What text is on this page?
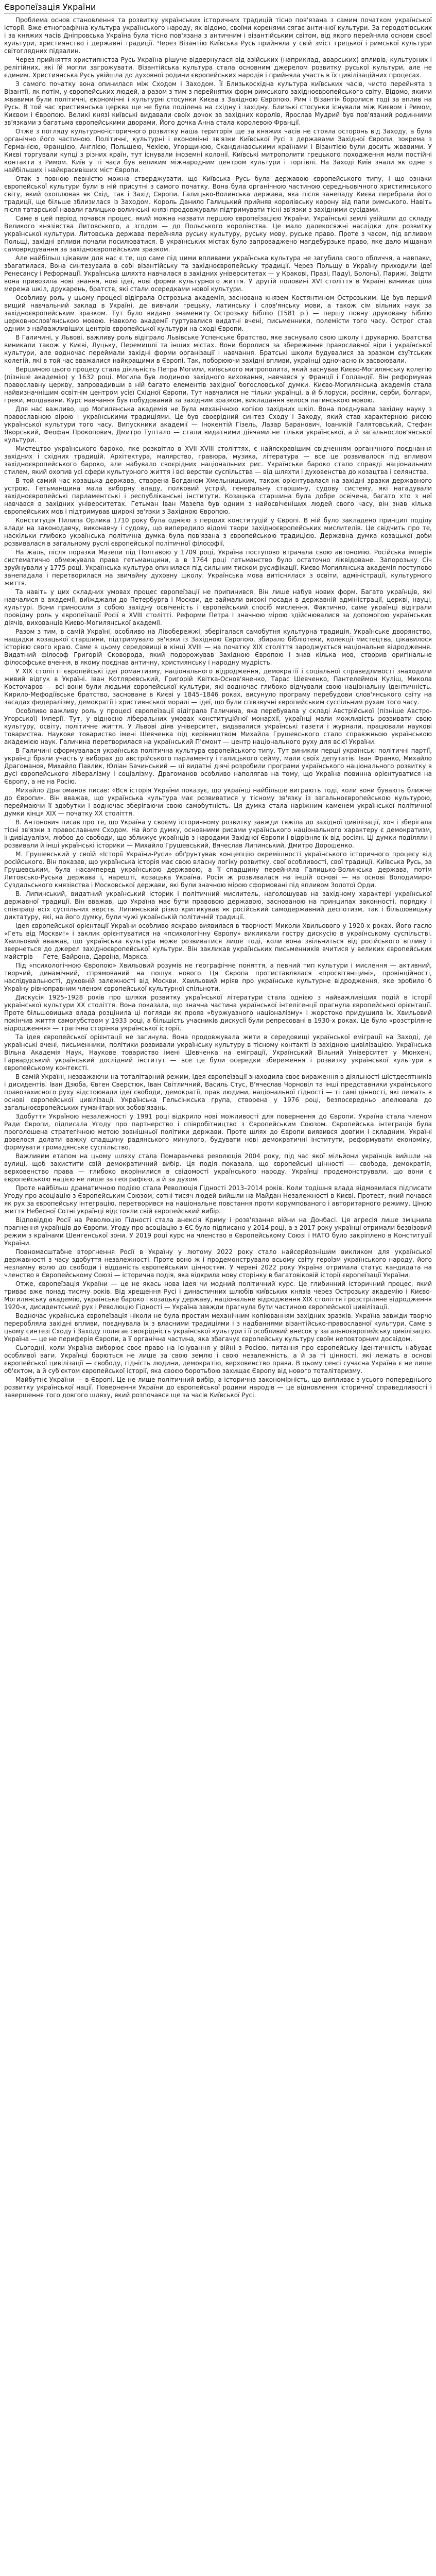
Європеїзація України

Проблема основ становлення та розвитку українських історичних традицій тісно пов'язана з самим початком української історії. Вже етнографічна культура українського народу, як відомо, своїми коренями сягає античної культури. За геродотівських і за княжих часів Дніпровська Україна була тісно пов'язана з античним і візантійським світом, від якого перейняла основи своєї культури, християнство і державні традиції. Через Візантію Київська Русь прийняла у свій зміст грецької і римської культури світоглядних підвалин.

Через прийняття християнства Русь-Україна рішуче відвернулася від азійських (наприклад, аварських) впливів, культурних і релігійних, які їй могли загрожувати. Візантійська культура стала основним джерелом розвитку руської культури, але не єдиним. Християнська Русь увійшла до духовної родини європейських народів і прийняла участь в їх цивілізаційних процесах.

З самого початку вона опинилася між Сходом і Заходом. Її Близькосхідна культура київських часів, чисто перейнята з Візантії, як потім, у європейських людей, а разом з тим з перейнятих форм римського західноєвропейського світу. Відомо, якими жвавими були політичні, економічні і культурні стосунки Києва з Західною Європою. Рим і Візантія боролися тоді за вплив на Русь. В той час християнська церква ще не була поділена на східну і західну. Близькі стосунки існували між Києвом і Римом, Києвом і Європою. Великі князі київські видавали своїх дочок за західних королів, Ярослав Мудрий був пов'язаний родинними зв'язками з багатьма європейськими дворами. Його дочка Анна стала королевою Франції.

Отже з погляду культурно-історичного розвитку наша територія ще за княжих часів не стояла осторонь від Заходу, а була органічно його частиною. Політичні, культурні і економічні зв'язки Київської Русі з державами Західної Європи, зокрема з Германією, Францією, Англією, Польщею, Чехією, Угорщиною, Скандинавськими країнами і Візантією були досить жвавими. У Києві торгували купці з різних країн, тут існували іноземні колонії. Київські митрополити грецького походження мали постійні контакти з Римом. Київ у ті часи був великим міжнародним центром культури і торгівлі. На Заході Київ знали як одне з найбільших і найкрасивіших міст Європи.

Отак з повною певністю можна стверджувати, що Київська Русь була державою європейського типу, і що ознаки європейської культури були в ній присутні з самого початку. Вона була органічною частиною середньовічного християнського світу, який охоплював як Схід, так і Захід Європи. Галицько-Волинська держава, яка після занепаду Києва перебрала його традиції, ще більше зблизилася із Заходом. Король Данило Галицький прийняв королівську корону від папи римського. Навіть після татарської навали галицько-волинські князі продовжували підтримувати тісні зв'язки з західними сусідами.

Саме в цей період почався процес, який можна назвати першою європеїзацією України. Українські землі увійшли до складу Великого князівства Литовського, а згодом — до Польського королівства. Це мало далекосяжні наслідки для розвитку української культури. Литовська держава перейняла руську культуру, руську мову, руське право. Проте з часом, під впливом Польщі, західні впливи почали посилюватися. В українських містах було запроваджено магдебурзьке право, яке дало міщанам самоврядування за західноєвропейським зразком.

Але найбільш цікавим для нас є те, що саме під цими впливами українська культура не загубила свого обличчя, а навпаки, збагатилася. Вона синтезувала в собі візантійську та західноєвропейську традиції. Через Польщу в Україну приходили ідеї Ренесансу і Реформації. Українська шляхта навчалася в західних університетах — у Кракові, Празі, Падуї, Болоньї, Парижі. Звідти вона привозила нові знання, нові ідеї, нові форми культурного життя. У другій половині XVI століття в Україні виникає ціла мережа шкіл, друкарень, братств, які стали осередками нової культури.

Особливу роль у цьому процесі відіграла Острозька академія, заснована князем Костянтином Острозьким. Це був перший вищий навчальний заклад в Україні, де вивчали грецьку, латинську і слов'янську мови, а також сім вільних наук за західноєвропейським зразком. Тут було видано знамениту Острозьку Біблію (1581 р.) — першу повну друковану Біблію церковнослов'янською мовою. Навколо академії гуртувалися видатні вчені, письменники, полемісти того часу. Острог став одним з найважливіших центрів європейської культури на сході Європи.

В Галичині, у Львові, важливу роль відіграло Львівське Успенське братство, яке заснувало свою школу і друкарню. Братства виникали також у Києві, Луцьку, Перемишлі та інших містах. Вони боролися за збереження православної віри і української культури, але водночас переймали західні форми організації і навчання. Братські школи будувалися за зразком єзуїтських колегій, які в той час вважалися найкращими в Європі. Так, поборюючи західні впливи, українці одночасно їх засвоювали.

Вершиною цього процесу стала діяльність Петра Могили, київського митрополита, який заснував Києво-Могилянську колегію (пізніше академію) у 1632 році. Могила був людиною західного виховання, навчався у Франції і Голландії. Він реформував православну церкву, запровадивши в ній багато елементів західної богословської думки. Києво-Могилянська академія стала найвизначнішим освітнім центром усієї Східної Європи. Тут навчалися не тільки українці, а й білоруси, росіяни, серби, болгари, греки, молдавани. Курс навчання був побудований за західним зразком, викладання велося латинською мовою.

Для нас важливо, що Могилянська академія не була механічною копією західних шкіл. Вона поєднувала західну науку з православною вірою і українськими традиціями. Це був своєрідний синтез Сходу і Заходу, який став характерною рисою української культури того часу. Випускники академії — Інокентій Гізель, Лазар Баранович, Іоаникій Галятовський, Стефан Яворський, Феофан Прокопович, Дмитро Туптало — стали видатними діячами не тільки української, а й загальнослов'янської культури.

Мистецтво українського бароко, яке розквітло в XVII–XVIII століттях, є найяскравішим свідченням органічного поєднання західних і східних традицій. Архітектура, малярство, гравюра, музика, література — все це розвивалося під впливом західноєвропейського бароко, але набувало своєрідних національних рис. Українське бароко стало справді національним стилем, який охопив усі сфери культурного життя і всі верстви суспільства — від шляхти і духовенства до козацтва і селянства.

В той самий час козацька держава, створена Богданом Хмельницьким, також орієнтувалася на західні зразки державного устрою. Гетьманщина мала виборну владу, полковий устрій, генеральну старшину, судову систему, які нагадували західноєвропейські парламентські і республіканські інститути. Козацька старшина була добре освічена, багато хто з неї навчався в західних університетах. Гетьман Іван Мазепа був одним з найосвіченіших людей свого часу, він знав кілька європейських мов і підтримував широкі зв'язки з Західною Європою.

Конституція Пилипа Орлика 1710 року була однією з перших конституцій у Європі. В ній було закладено принцип поділу влади на законодавчу, виконавчу і судову, що випередило відомі твори західноєвропейських мислителів. Це свідчить про те, наскільки глибоко українська політична думка була пов'язана з європейською традицією. Державна думка козацької доби розвивалася в загальному руслі європейської політичної філософії.

На жаль, після поразки Мазепи під Полтавою у 1709 році, Україна поступово втрачала свою автономію. Російська імперія систематично обмежувала права гетьманщини, а в 1764 році гетьманство було остаточно ліквідоване. Запорозьку Січ зруйнували у 1775 році. Українська культура опинилася під сильним тиском русифікації. Києво-Могилянська академія поступово занепадала і перетворилася на звичайну духовну школу. Українська мова витіснялася з освіти, адміністрації, культурного життя.

Та навіть у цих складних умовах процес європеїзації не припинився. Він лише набув нових форм. Багато українців, які навчалися в академії, виїжджали до Петербурга і Москви, де займали високі посади в державній адміністрації, церкві, науці, культурі. Вони приносили з собою західну освіченість і європейський спосіб мислення. Фактично, саме українці відіграли провідну роль у європеїзації Росії в XVIII столітті. Реформи Петра I значною мірою здійснювалися за допомогою українських діячів, вихованців Києво-Могилянської академії.

Разом з тим, в самій Україні, особливо на Лівобережжі, зберігалася самобутня культурна традиція. Українське дворянство, нащадки козацької старшини, підтримувало зв'язки із Західною Європою, збирало бібліотеки, колекції мистецтва, цікавилося історією свого краю. Саме в цьому середовищі в кінці XVIII — на початку XIX століття зароджується національне відродження. Видатний філософ Григорій Сковорода, який подорожував Західною Європою і знав кілька мов, створив оригінальне філософське вчення, в якому поєднав античну, християнську і народну мудрість.

У XIX столітті європейські ідеї романтизму, національного відродження, демократії і соціальної справедливості знаходили живий відгук в Україні. Іван Котляревський, Григорій Квітка-Основ'яненко, Тарас Шевченко, Пантелеймон Куліш, Микола Костомаров — всі вони були людьми європейської культури, які водночас глибоко відчували свою національну ідентичність. Кирило-Мефодіївське братство, засноване в Києві у 1845–1846 роках, висунуло програму перебудови слов'янського світу на засадах федералізму, демократії і християнської моралі — ідеї, що були співзвучні європейським суспільним рухам того часу.

Особливо важливу роль у процесі європеїзації відіграла Галичина, яка перебувала у складі Австрійської (пізніше Австро-Угорської) імперії. Тут, у відносно ліберальних умовах конституційної монархії, українці мали можливість розвивати свою культуру, освіту, політичне життя. У Львові діяв університет, видавалися українські газети і журнали, працювали наукові товариства. Наукове товариство імені Шевченка під керівництвом Михайла Грушевського стало справжньою українською академією наук. Галичина перетворилася на український П'ємонт — центр національного руху для всієї України.

В Галичині сформувалася українська політична культура європейського типу. Тут виникли перші українські політичні партії, українці брали участь у виборах до австрійського парламенту і галицького сейму, мали своїх депутатів. Іван Франко, Михайло Драгоманов, Михайло Павлик, Юліан Бачинський — ці видатні діячі розробили програми українського національного розвитку в дусі європейського лібералізму і соціалізму. Драгоманов особливо наполягав на тому, що Україна повинна орієнтуватися на Європу, а не на Росію.

Михайло Драгоманов писав: «Вся історія України показує, що українці найбільше виграють тоді, коли вони бувають ближче до Європи». Він вважав, що українська культура має розвиватися у тісному зв'язку із загальноєвропейською культурою, переймаючи її здобутки і водночас зберігаючи свою самобутність. Ця думка стала наріжним каменем української політичної думки кінця XIX — початку XX століття.

В. Антонович писав про те, що Україна у своєму історичному розвитку завжди тяжіла до західної цивілізації, хоч і зберігала тісні зв'язки з православним Сходом. На його думку, основними рисами українського національного характеру є демократизм, індивідуалізм, любов до свободи, що зближує українців з народами Західної Європи і відрізняє їх від росіян. Ці думки поділяли і розвивали й інші українські історики — Михайло Грушевський, Вячеслав Липинський, Дмитро Дорошенко.

М. Грушевський у своїй «Історії України-Руси» обґрунтував концепцію окремішності українського історичного процесу від російського. Він показав, що українська історія має свою власну логіку розвитку, свої особливості, свої традиції. Київська Русь, за Грушевським, була насамперед українською державою, а її спадщину перейняла Галицько-Волинська держава, потім Литовсько-Руська держава і, нарешті, козацька Україна. Росія ж розвивалася на іншій основі — на основі Володимиро-Суздальського князівства і Московської держави, які були значною мірою сформовані під впливом Золотої Орди.

В. Липинський, видатний український історик і політичний мислитель, наголошував на західному характері української державної традиції. Він вважав, що Україна має бути правовою державою, заснованою на принципах законності, порядку і співпраці всіх суспільних верств. Липинський різко критикував як російський самодержавний деспотизм, так і більшовицьку диктатуру, які, на його думку, були чужі українській політичній традиції.

Ідея європейської орієнтації України особливо яскраво виявилася в творчості Миколи Хвильового у 1920-х роках. Його гасло «Геть від Москви!» і заклик орієнтуватися на «психологічну Європу» викликали гостру дискусію в українському суспільстві. Хвильовий вважав, що українська культура може розвиватися лише тоді, коли вона звільниться від російського впливу і звернеться до джерел західноєвропейської культури. Він закликав українських письменників вчитися у великих європейських майстрів — Гете, Байрона, Дарвіна, Маркса.

Під «психологічною Європою» Хвильовий розумів не географічне поняття, а певний тип культури і мислення — активний, творчий, динамічний, спрямований на пошук нового. Ця Європа протиставлялася «просвітянщині», провінційності, наслідувальності, духовній залежності від Москви. Хвильовий мріяв про українське культурне відродження, яке зробило б Україну рівноправним членом європейської культурної спільноти.

Дискусія 1925–1928 років про шляхи розвитку української літератури стала однією з найважливіших подій в історії української культури XX століття. Вона показала, що значна частина української інтелігенції прагнула європейської орієнтації. Проте більшовицька влада розцінила ці погляди як прояв «буржуазного націоналізму» і жорстоко придушила їх. Хвильовий покінчив життя самогубством у 1933 році, а більшість учасників дискусії були репресовані в 1930-х роках. Це було «розстріляне відродження» — трагічна сторінка української історії.

Та ідея європейської орієнтації не загинула. Вона продовжувала жити в середовищі української еміграції на Заході, де українські вчені, письменники, політики розвивали українську культуру в тісному контакті із західною цивілізацією. Українська Вільна Академія Наук, Наукове товариство імені Шевченка на еміграції, Український Вільний Університет у Мюнхені, Гарвардський український дослідний інститут — все це були осередки збереження і розвитку української культури в європейському контексті.

В самій Україні, незважаючи на тоталітарний режим, ідея європеїзації знаходила своє вираження в діяльності шістдесятників і дисидентів. Іван Дзюба, Євген Сверстюк, Іван Світличний, Василь Стус, В'ячеслав Чорновіл та інші представники українського правозахисного руху відстоювали ідеї свободи, демократії, прав людини, національної гідності — ті самі цінності, які лежать в основі європейської цивілізації. Українська Гельсінкська група, створена у 1976 році, безпосередньо апелювала до загальноєвропейських гуманітарних зобов'язань.

Здобуття Україною незалежності у 1991 році відкрило нові можливості для повернення до Європи. Україна стала членом Ради Європи, підписала Угоду про партнерство і співробітництво з Європейським Союзом. Європейська інтеграція була проголошена стратегічною метою зовнішньої політики держави. Проте шлях до Європи виявився довгим і складним. Україні довелося долати важку спадщину радянського минулого, будувати нові демократичні інститути, реформувати економіку, формувати громадянське суспільство.

Важливим етапом на цьому шляху стала Помаранчева революція 2004 року, під час якої мільйони українців вийшли на вулиці, щоб захистити свій демократичний вибір. Ця подія показала, що європейські цінності — свобода, демократія, верховенство права — глибоко вкорінилися в свідомості українського народу. Українці продемонстрували, що вони є європейською нацією не лише за географією, а й за духом.

Проте найбільш драматичною подією стала Революція Гідності 2013–2014 років. Коли тодішня влада відмовилася підписати Угоду про асоціацію з Європейським Союзом, сотні тисяч людей вийшли на Майдан Незалежності в Києві. Протест, який почався як рух за європейську інтеграцію, перетворився на національне повстання проти корумпованого і авторитарного режиму. Ціною життя Небесної Сотні українці відстояли свій європейський вибір.

Відповіддю Росії на Революцію Гідності стала анексія Криму і розв'язання війни на Донбасі. Ця агресія лише зміцнила прагнення українців до Європи. Угоду про асоціацію з ЄС було підписано у 2014 році, а з 2017 року українці отримали безвізовий режим з країнами Шенгенської зони. У 2019 році курс на членство в Європейському Союзі і НАТО було закріплено в Конституції України.

Повномасштабне вторгнення Росії в Україну у лютому 2022 року стало найсерйознішим викликом для української державності з часу здобуття незалежності. Проте воно ж і продемонструвало всьому світу героїзм українського народу, його незламну волю до свободи і відданість європейським цінностям. У червні 2022 року Україна отримала статус кандидата на членство в Європейському Союзі — історична подія, яка відкрила нову сторінку в багатовіковій історії європеїзації України.

Отже, європеїзація України — це не якась нова ідея чи модний політичний курс. Це глибинний історичний процес, який триває вже понад тисячу років. Від хрещення Русі і династичних шлюбів київських князів через Острозьку академію і Києво-Могилянську академію, українське бароко і козацьку державу, національне відродження XIX століття і розстріляне відродження 1920-х, дисидентський рух і Революцію Гідності — Україна завжди прагнула бути частиною європейської цивілізації.

Водночас українська європеїзація ніколи не була простим механічним копіюванням західних зразків. Україна завжди творчо переробляла західні впливи, поєднувала їх з власними традиціями і з надбаннями візантійсько-православної культури. Саме в цьому синтезі Сходу і Заходу полягає своєрідність української культури і її особливий внесок у загальноєвропейську цивілізацію. Україна — це не периферія Європи, а її органічна частина, яка збагачує європейську культуру своїм неповторним досвідом.

Сьогодні, коли Україна виборює своє право на існування у війні з Росією, питання про європейську ідентичність набуває особливої ваги. Українці борються не лише за свою землю і свою незалежність, а й за ті цінності, які лежать в основі європейської цивілізації — свободу, гідність людини, демократію, верховенство права. В цьому сенсі сучасна Україна є не лише об'єктом, а й суб'єктом європейської історії, яка своєю боротьбою захищає Європу від нового тоталітаризму.

Майбутнє України — в Європі. Це не лише політичний вибір, а історична закономірність, що випливає з усього попереднього розвитку української нації. Повернення України до європейської родини народів — це відновлення історичної справедливості і завершення того довгого шляху, який розпочався ще за часів Київської Русі.
